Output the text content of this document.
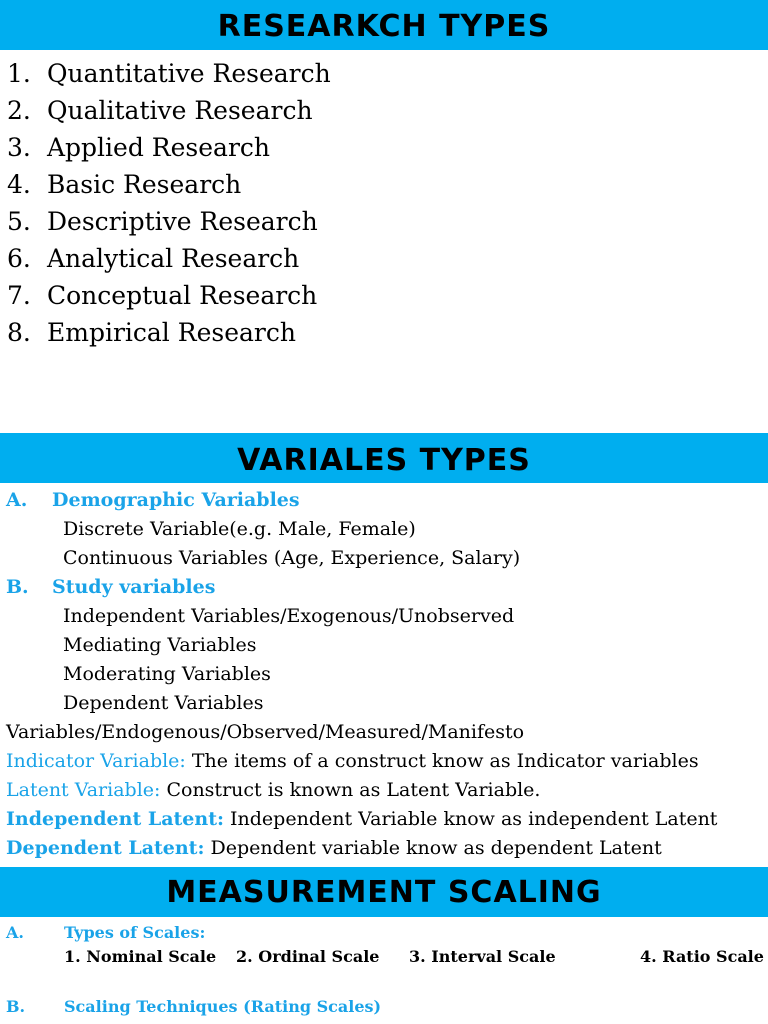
RESEARKCH TYPES
1. Quantitative Research
2. Qualitative Research
3. Applied Research
4. Basic Research
5. Descriptive Research
6. Analytical Research
7. Conceptual Research
8. Empirical Research
VARIALES TYPES
A. Demographic Variables
Discrete Variable(e.g. Male, Female)
Continuous Variables (Age, Experience, Salary)
B. Study variables
Independent Variables/Exogenous/Unobserved
Mediating Variables
Moderating Variables
Dependent Variables
Variables/Endogenous/Observed/Measured/Manifesto
Indicator Variable: The items of a construct know as Indicator variables
Latent Variable: Construct is known as Latent Variable.
Independent Latent: Independent Variable know as independent Latent
Dependent Latent: Dependent variable know as dependent Latent
MEASUREMENT SCALING
A.	Types of Scales:
1. Nominal Scale 2. Ordinal Scale 3. Interval Scale	4. Ratio Scale
B. Scaling Techniques (Rating Scales)
